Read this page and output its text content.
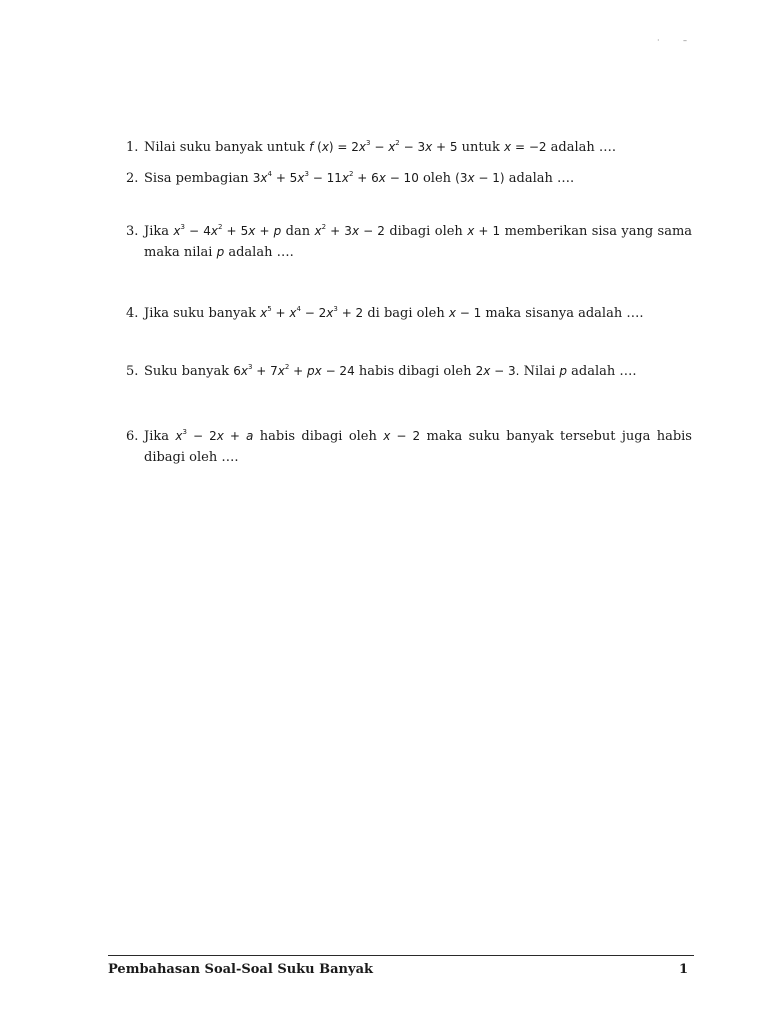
·	–
1. Nilai suku banyak untuk f $(x) = 2x^3 - x^2 - 3x + 5$ untuk x = −2 adalah ….
2. Sisa pembagian $3x^4 + 5x^3 - 11x^2 + 6x - 10$ oleh (3x − 1) adalah ….
3. Jika $x^3 - 4x^2 + 5x + p$ dan $x^2 + 3x - 2$ dibagi oleh x + 1 memberikan sisa yang sama maka nilai p adalah ….
4. Jika suku banyak $x^5 + x^4 - 2x^3 + 2$ di bagi oleh x − 1 maka sisanya adalah ….
5. Suku banyak $6x^3 + 7x^2$ + px − 24 habis dibagi oleh 2x − 3. Nilai p adalah ….
6. Jika $x^3 - 2x + a$ habis dibagi oleh x − 2 maka suku banyak tersebut juga habis dibagi oleh ….
Pembahasan Soal-Soal Suku Banyak	1
